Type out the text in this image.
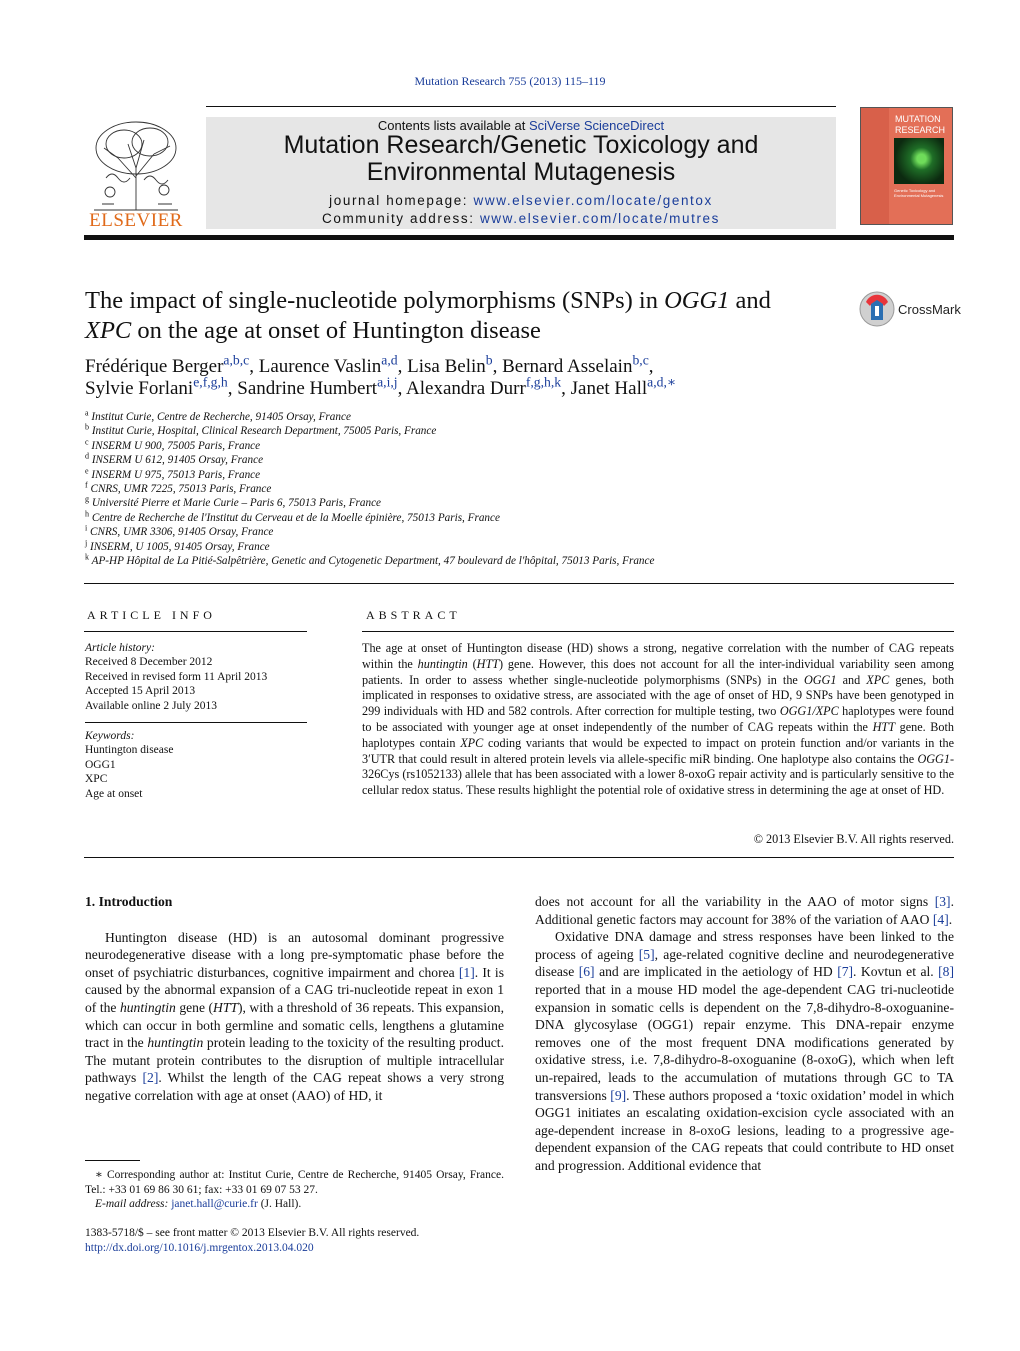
Mutation Research 755 (2013) 115–119
ELSEVIER
Contents lists available at SciVerse ScienceDirect
Mutation Research/Genetic Toxicology and
Environmental Mutagenesis
journal homepage: www.elsevier.com/locate/gentox
Community address: www.elsevier.com/locate/mutres
MUTATION
RESEARCH
Genetic Toxicology and Environmental Mutagenesis
The impact of single-nucleotide polymorphisms (SNPs) in OGG1 and
XPC on the age at onset of Huntington disease
CrossMark
Frédérique Berger$^{a,b,c}$, Laurence Vaslin$^{a,d}$, Lisa Belin$^b$, Bernard Asselain$^{b,c}$,
Sylvie Forlani$^{e,f,g,h}$, Sandrine Humbert$^{a,i,j}$, Alexandra Durr$^{f,g,h,k}$, Janet Hall$^{a,d,∗}$
$^a$ Institut Curie, Centre de Recherche, 91405 Orsay, France
$^b$ Institut Curie, Hospital, Clinical Research Department, 75005 Paris, France
$^c$ INSERM U 900, 75005 Paris, France
$^d$ INSERM U 612, 91405 Orsay, France
$^e$ INSERM U 975, 75013 Paris, France
$^f$ CNRS, UMR 7225, 75013 Paris, France
$^g$ Université Pierre et Marie Curie – Paris 6, 75013 Paris, France
$^h$ Centre de Recherche de l'Institut du Cerveau et de la Moelle épinière, 75013 Paris, France
$^i$ CNRS, UMR 3306, 91405 Orsay, France
$^j$ INSERM, U 1005, 91405 Orsay, France
$^k$ AP-HP Hôpital de La Pitié-Salpêtrière, Genetic and Cytogenetic Department, 47 boulevard de l'hôpital, 75013 Paris, France
ARTICLE INFO
Article history:
Received 8 December 2012
Received in revised form 11 April 2013
Accepted 15 April 2013
Available online 2 July 2013
Keywords:
Huntington disease
OGG1
XPC
Age at onset
ABSTRACT
The age at onset of Huntington disease (HD) shows a strong, negative correlation with the number of CAG repeats within the huntingtin (HTT) gene. However, this does not account for all the inter-individual variability seen among patients. In order to assess whether single-nucleotide polymorphisms (SNPs) in the OGG1 and XPC genes, both implicated in responses to oxidative stress, are associated with the age of onset of HD, 9 SNPs have been genotyped in 299 individuals with HD and 582 controls. After correction for multiple testing, two OGG1/XPC haplotypes were found to be associated with younger age at onset independently of the number of CAG repeats within the HTT gene. Both haplotypes contain XPC coding variants that would be expected to impact on protein function and/or variants in the 3′UTR that could result in altered protein levels via allele-specific miR binding. One haplotype also contains the OGG1-326Cys (rs1052133) allele that has been associated with a lower 8-oxoG repair activity and is particularly sensitive to the cellular redox status. These results highlight the potential role of oxidative stress in determining the age at onset of HD.
© 2013 Elsevier B.V. All rights reserved.
1. Introduction

Huntington disease (HD) is an autosomal dominant progressive neurodegenerative disease with a long pre-symptomatic phase before the onset of psychiatric disturbances, cognitive impairment and chorea [1]. It is caused by the abnormal expansion of a CAG tri-nucleotide repeat in exon 1 of the huntingtin gene (HTT), with a threshold of 36 repeats. This expansion, which can occur in both germline and somatic cells, lengthens a glutamine tract in the huntingtin protein leading to the toxicity of the resulting product. The mutant protein contributes to the disruption of multiple intracellular pathways [2]. Whilst the length of the CAG repeat shows a very strong negative correlation with age at onset (AAO) of HD, it

does not account for all the variability in the AAO of motor signs [3]. Additional genetic factors may account for 38% of the variation of AAO [4].

Oxidative DNA damage and stress responses have been linked to the process of ageing [5], age-related cognitive decline and neurodegenerative disease [6] and are implicated in the aetiology of HD [7]. Kovtun et al. [8] reported that in a mouse HD model the age-dependent CAG tri-nucleotide expansion in somatic cells is dependent on the 7,8-dihydro-8-oxoguanine-DNA glycosylase (OGG1) repair enzyme. This DNA-repair enzyme removes one of the most frequent DNA modifications generated by oxidative stress, i.e. 7,8-dihydro-8-oxoguanine (8-oxoG), which when left un-repaired, leads to the accumulation of mutations through GC to TA transversions [9]. These authors proposed a ‘toxic oxidation’ model in which OGG1 initiates an escalating oxidation-excision cycle associated with an age-dependent increase in 8-oxoG lesions, leading to a progressive age-dependent expansion of the CAG repeats that could contribute to HD onset and progression. Additional evidence that

∗ Corresponding author at: Institut Curie, Centre de Recherche, 91405 Orsay, France. Tel.: +33 01 69 86 30 61; fax: +33 01 69 07 53 27.
E-mail address: janet.hall@curie.fr (J. Hall).
1383-5718/$ – see front matter © 2013 Elsevier B.V. All rights reserved.
http://dx.doi.org/10.1016/j.mrgentox.2013.04.020
